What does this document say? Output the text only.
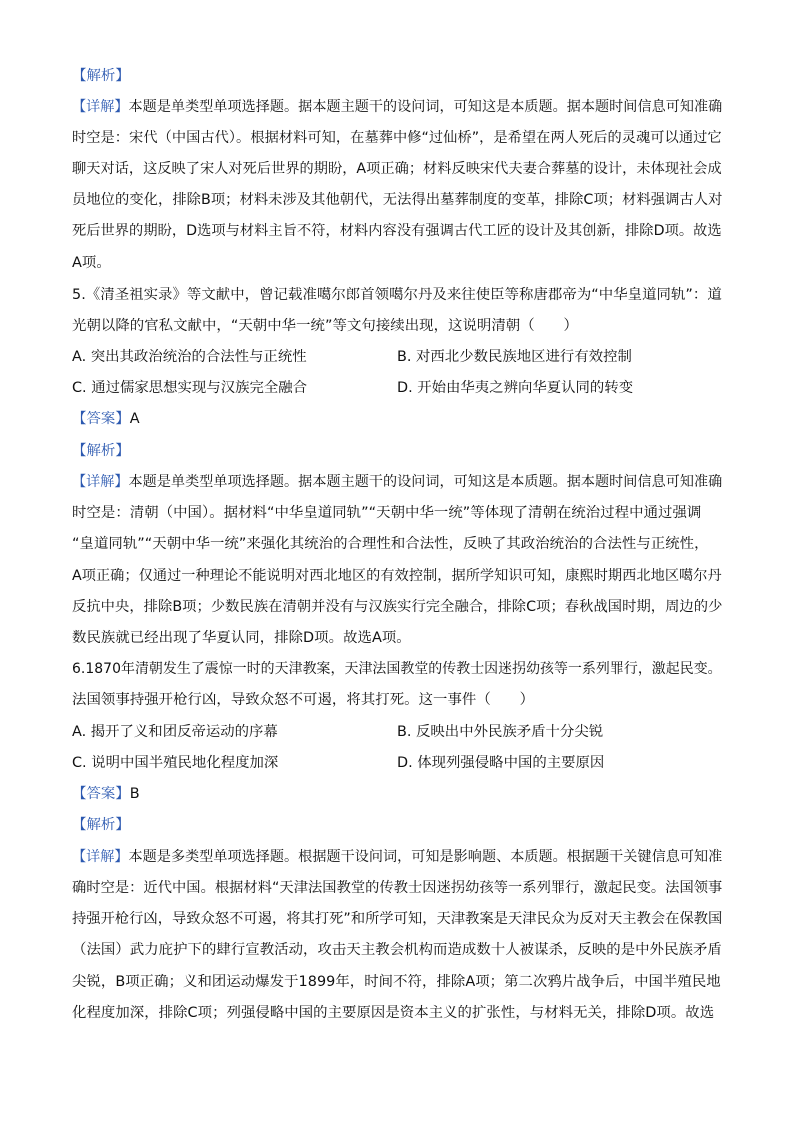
【解析】
【详解】本题是单类型单项选择题。据本题主题干的设问词，可知这是本质题。据本题时间信息可知准确
时空是：宋代（中国古代）。根据材料可知，在墓葬中修“过仙桥”，是希望在两人死后的灵魂可以通过它
聊天对话，这反映了宋人对死后世界的期盼，A项正确；材料反映宋代夫妻合葬墓的设计，未体现社会成
员地位的变化，排除B项；材料未涉及其他朝代，无法得出墓葬制度的变革，排除C项；材料强调古人对
死后世界的期盼，D选项与材料主旨不符，材料内容没有强调古代工匠的设计及其创新，排除D项。故选
A项。
5.《清圣祖实录》等文献中，曾记载准噶尔郎首领噶尔丹及来往使臣等称唐郡帝为“中华皇道同轨”：道
光朝以降的官私文献中，“天朝中华一统”等文句接续出现，这说明清朝（　　）
A. 突出其政治统治的合法性与正统性	B. 对西北少数民族地区进行有效控制
C. 通过儒家思想实现与汉族完全融合	D. 开始由华夷之辨向华夏认同的转变
【答案】A
【解析】
【详解】本题是单类型单项选择题。据本题主题干的设问词，可知这是本质题。据本题时间信息可知准确
时空是：清朝（中国）。据材料“中华皇道同轨”“天朝中华一统”等体现了清朝在统治过程中通过强调
“皇道同轨”“天朝中华一统”来强化其统治的合理性和合法性，反映了其政治统治的合法性与正统性，
A项正确；仅通过一种理论不能说明对西北地区的有效控制，据所学知识可知，康熙时期西北地区噶尔丹
反抗中央，排除B项；少数民族在清朝并没有与汉族实行完全融合，排除C项；春秋战国时期，周边的少
数民族就已经出现了华夏认同，排除D项。故选A项。
6.1870年清朝发生了震惊一时的天津教案，天津法国教堂的传教士因迷拐幼孩等一系列罪行，激起民变。
法国领事持强开枪行凶，导致众怒不可遏，将其打死。这一事件（　　）
A. 揭开了义和团反帝运动的序幕	B. 反映出中外民族矛盾十分尖锐
C. 说明中国半殖民地化程度加深	D. 体现列强侵略中国的主要原因
【答案】B
【解析】
【详解】本题是多类型单项选择题。根据题干设问词，可知是影响题、本质题。根据题干关键信息可知准
确时空是：近代中国。根据材料“天津法国教堂的传教士因迷拐幼孩等一系列罪行，激起民变。法国领事
持强开枪行凶，导致众怒不可遏，将其打死”和所学可知，天津教案是天津民众为反对天主教会在保教国
（法国）武力庇护下的肆行宣教活动，攻击天主教会机构而造成数十人被谋杀，反映的是中外民族矛盾
尖锐，B项正确；义和团运动爆发于1899年，时间不符，排除A项；第二次鸦片战争后，中国半殖民地
化程度加深，排除C项；列强侵略中国的主要原因是资本主义的扩张性，与材料无关，排除D项。故选
